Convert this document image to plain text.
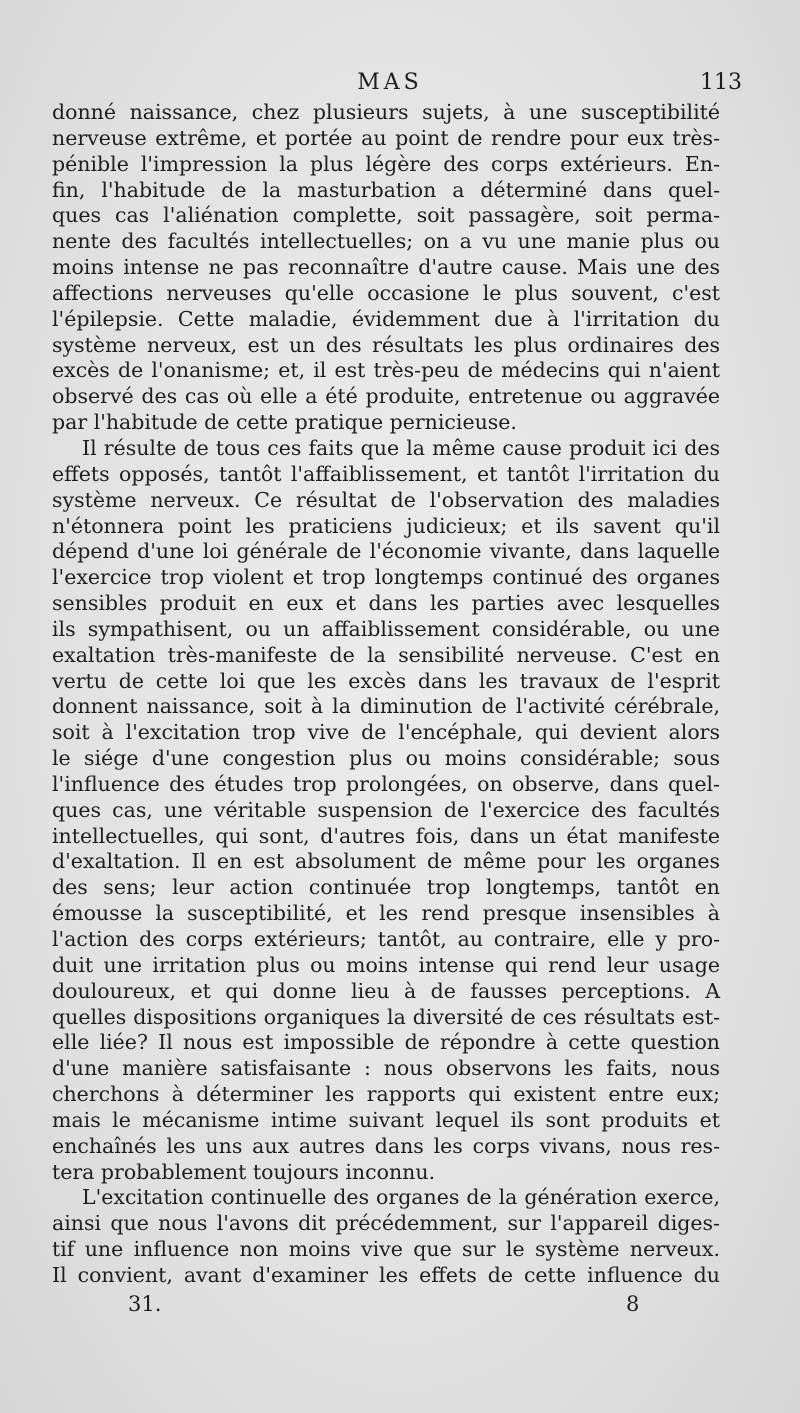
MAS	113
donné naissance, chez plusieurs sujets, à une susceptibilité
nerveuse extrême, et portée au point de rendre pour eux très-
pénible l'impression la plus légère des corps extérieurs. En-
fin, l'habitude de la masturbation a déterminé dans quel-
ques cas l'aliénation complette, soit passagère, soit perma-
nente des facultés intellectuelles; on a vu une manie plus ou
moins intense ne pas reconnaître d'autre cause. Mais une des
affections nerveuses qu'elle occasione le plus souvent, c'est
l'épilepsie. Cette maladie, évidemment due à l'irritation du
système nerveux, est un des résultats les plus ordinaires des
excès de l'onanisme; et, il est très-peu de médecins qui n'aient
observé des cas où elle a été produite, entretenue ou aggravée
par l'habitude de cette pratique pernicieuse.
Il résulte de tous ces faits que la même cause produit ici des
effets opposés, tantôt l'affaiblissement, et tantôt l'irritation du
système nerveux. Ce résultat de l'observation des maladies
n'étonnera point les praticiens judicieux; et ils savent qu'il
dépend d'une loi générale de l'économie vivante, dans laquelle
l'exercice trop violent et trop longtemps continué des organes
sensibles produit en eux et dans les parties avec lesquelles
ils sympathisent, ou un affaiblissement considérable, ou une
exaltation très-manifeste de la sensibilité nerveuse. C'est en
vertu de cette loi que les excès dans les travaux de l'esprit
donnent naissance, soit à la diminution de l'activité cérébrale,
soit à l'excitation trop vive de l'encéphale, qui devient alors
le siége d'une congestion plus ou moins considérable; sous
l'influence des études trop prolongées, on observe, dans quel-
ques cas, une véritable suspension de l'exercice des facultés
intellectuelles, qui sont, d'autres fois, dans un état manifeste
d'exaltation. Il en est absolument de même pour les organes
des sens; leur action continuée trop longtemps, tantôt en
émousse la susceptibilité, et les rend presque insensibles à
l'action des corps extérieurs; tantôt, au contraire, elle y pro-
duit une irritation plus ou moins intense qui rend leur usage
douloureux, et qui donne lieu à de fausses perceptions. A
quelles dispositions organiques la diversité de ces résultats est-
elle liée? Il nous est impossible de répondre à cette question
d'une manière satisfaisante : nous observons les faits, nous
cherchons à déterminer les rapports qui existent entre eux;
mais le mécanisme intime suivant lequel ils sont produits et
enchaînés les uns aux autres dans les corps vivans, nous res-
tera probablement toujours inconnu.
L'excitation continuelle des organes de la génération exerce,
ainsi que nous l'avons dit précédemment, sur l'appareil diges-
tif une influence non moins vive que sur le système nerveux.
Il convient, avant d'examiner les effets de cette influence du
31.	8
